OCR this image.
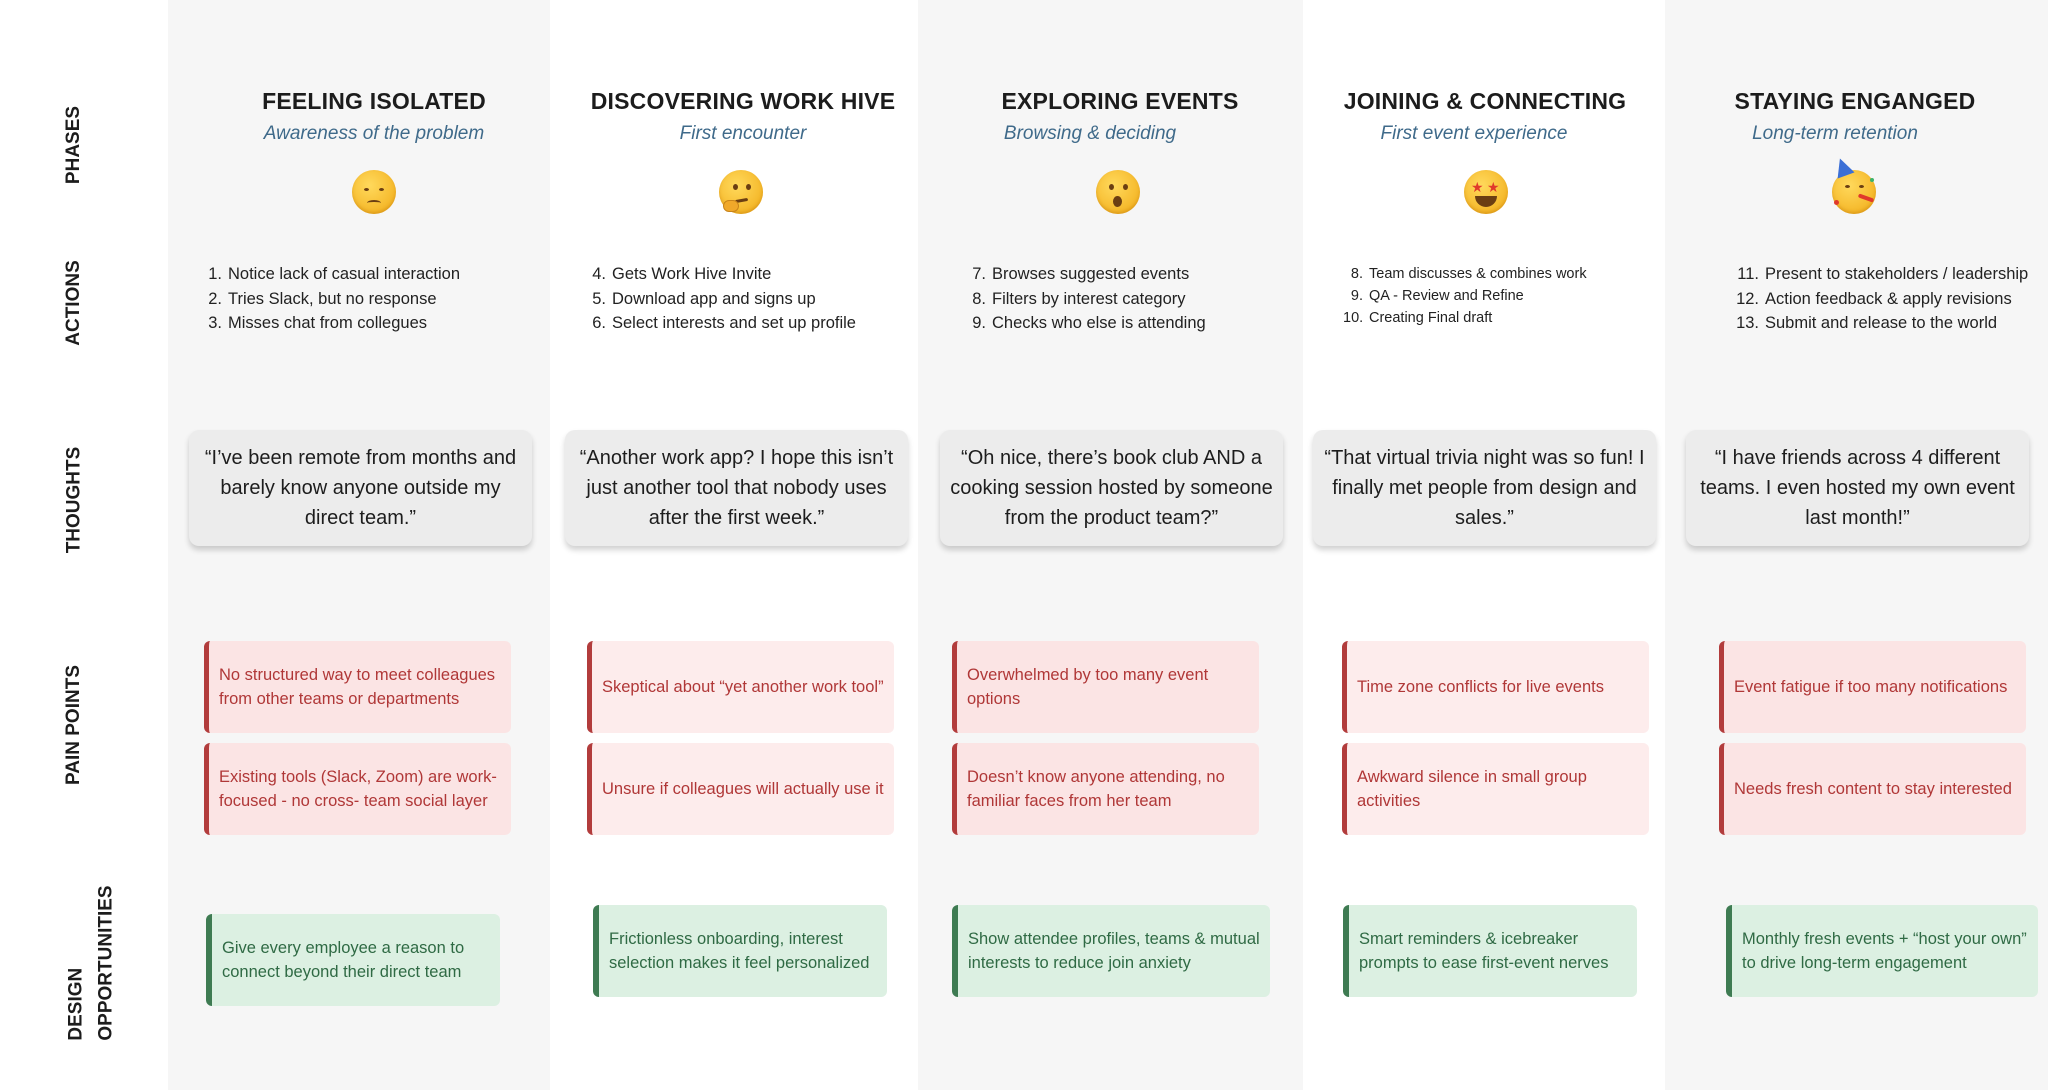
PHASES
ACTIONS
THOUGHTS
PAIN POINTS
DESIGN OPPORTUNITIES
FEELING ISOLATED
Awareness of the problem
1. Notice lack of casual interaction
2. Tries Slack, but no response
3. Misses chat from collegues
“I’ve been remote from months and barely know anyone outside my direct team.”
No structured way to meet colleagues from other teams or departments
Existing tools (Slack, Zoom) are work- focused - no cross- team social layer
Give every employee a reason to connect beyond their direct team
DISCOVERING WORK HIVE
First encounter
4. Gets Work Hive Invite
5. Download app and signs up
6. Select interests and set up profile
“Another work app? I hope this isn’t just another tool that nobody uses after the first week.”
Skeptical about “yet another work tool”
Unsure if colleagues will actually use it
Frictionless onboarding, interest selection makes it feel personalized
EXPLORING EVENTS
Browsing & deciding
7. Browses suggested events
8. Filters by interest category
9. Checks who else is attending
“Oh nice, there’s book club AND a cooking session hosted by someone from the product team?”
Overwhelmed by too many event options
Doesn’t know anyone attending, no familiar faces from her team
Show attendee profiles, teams & mutual interests to reduce join anxiety
JOINING & CONNECTING
First event experience
★ ★
8. Team discusses & combines work
9. QA - Review and Refine
10. Creating Final draft
“That virtual trivia night was so fun! I finally met people from design and sales.”
Time zone conflicts for live events
Awkward silence in small group activities
Smart reminders & icebreaker prompts to ease first-event nerves
STAYING ENGANGED
Long-term retention
11. Present to stakeholders / leadership
12. Action feedback & apply revisions
13. Submit and release to the world
“I have friends across 4 different teams. I even hosted my own event last month!”
Event fatigue if too many notifications
Needs fresh content to stay interested
Monthly fresh events + “host your own” to drive long-term engagement
